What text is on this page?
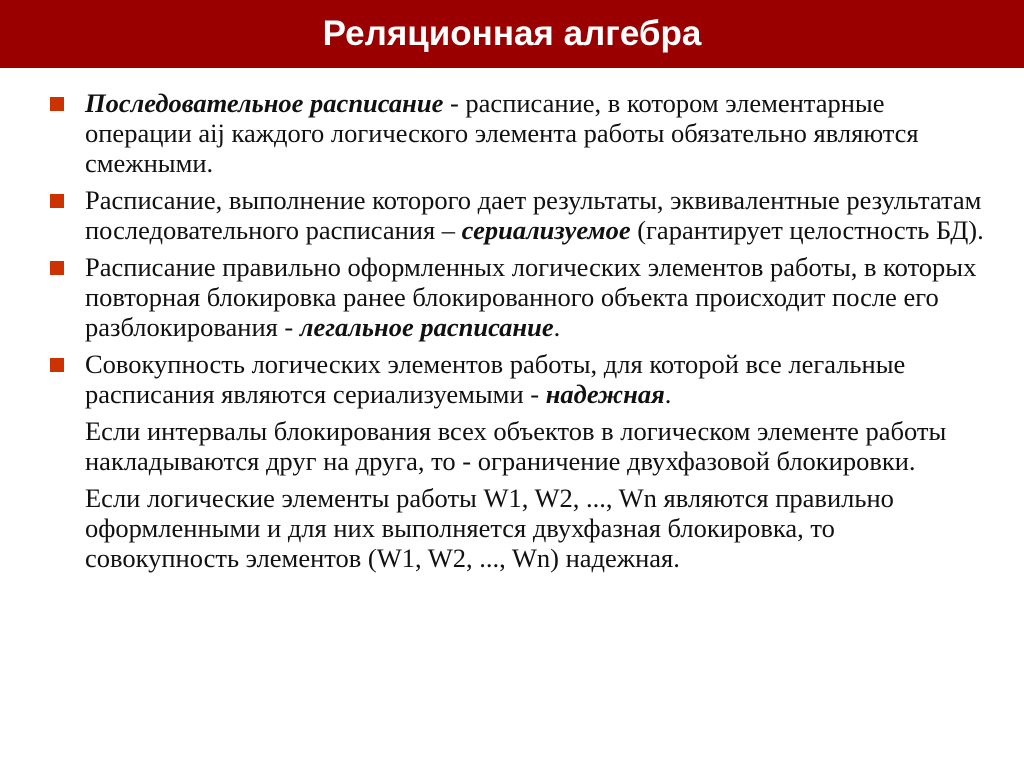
Реляционная алгебра
Последовательное расписание - расписание, в котором элементарные операции aij каждого логического элемента работы обязательно являются смежными.
Расписание, выполнение которого дает результаты, эквивалентные результатам последовательного расписания – сериализуемое (гарантирует целостность БД).
Расписание правильно оформленных логических элементов работы, в которых повторная блокировка ранее блокированного объекта происходит после его разблокирования - легальное расписание.
Совокупность логических элементов работы, для которой все легальные расписания являются сериализуемыми - надежная.
Если интервалы блокирования всех объектов в логическом элементе работы накладываются друг на друга, то - ограничение двухфазовой блокировки.
Если логические элементы работы W1, W2, ..., Wn являются правильно оформленными и для них выполняется двухфазная блокировка, то совокупность элементов (W1, W2, ..., Wn) надежная.
